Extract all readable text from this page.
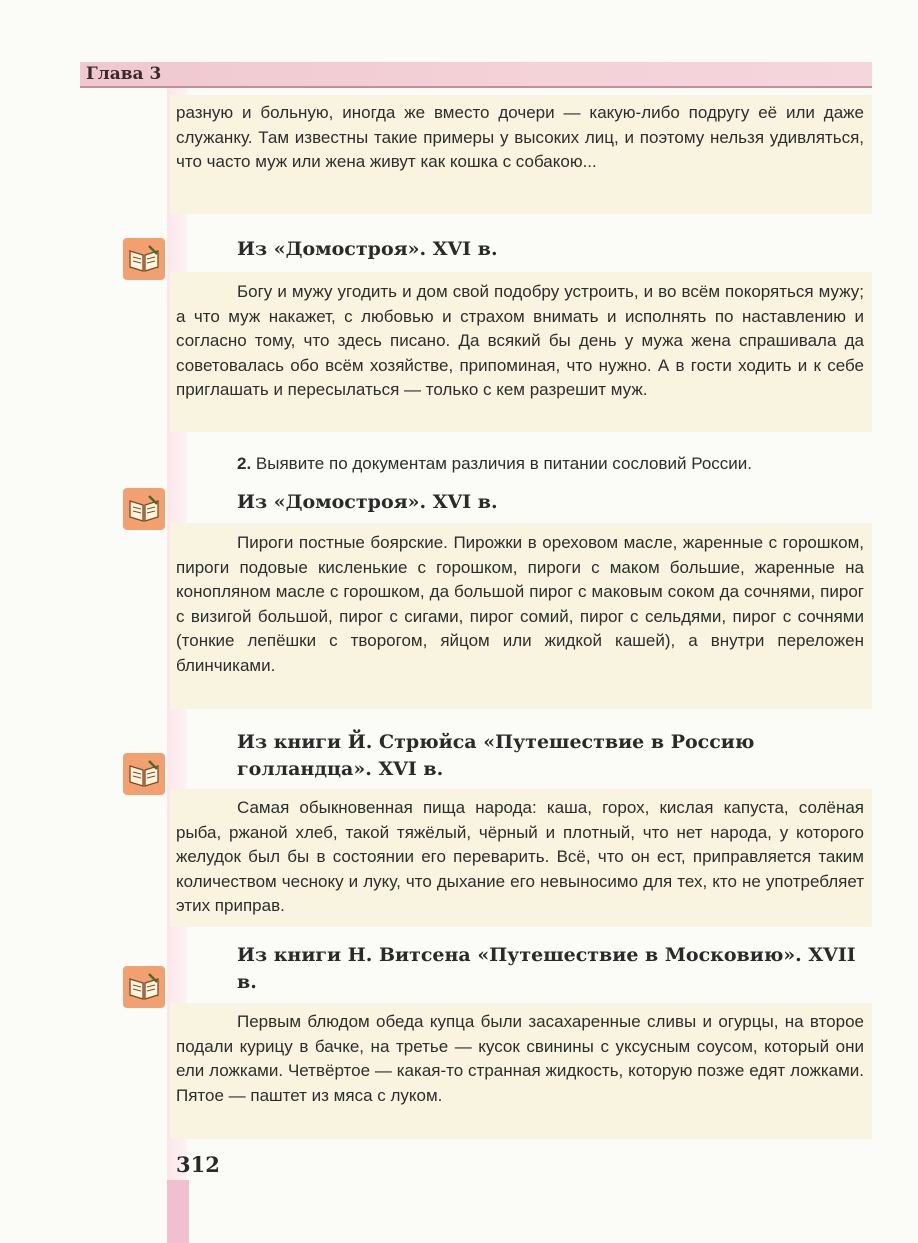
Глава 3

разную и больную, иногда же вместо дочери — какую-либо подругу её или даже служанку. Там известны такие примеры у высоких лиц, и поэтому нельзя удивляться, что часто муж или жена живут как кошка с собакою...

Из «Домостроя». XVI в.

Богу и мужу угодить и дом свой подобру устроить, и во всём покоряться мужу; а что муж накажет, с любовью и страхом внимать и исполнять по наставлению и согласно тому, что здесь писано. Да всякий бы день у мужа жена спрашивала да советовалась обо всём хозяйстве, припоминая, что нужно. А в гости ходить и к себе приглашать и пересылаться — только с кем разрешит муж.

2. Выявите по документам различия в питании сословий России.
Из «Домостроя». XVI в.

Пироги постные боярские. Пирожки в ореховом масле, жаренные с горошком, пироги подовые кисленькие с горошком, пироги с маком большие, жаренные на конопляном масле с горошком, да большой пирог с маковым соком да сочнями, пирог с визигой большой, пирог с сигами, пирог сомий, пирог с сельдями, пирог с сочнями (тонкие лепёшки с творогом, яйцом или жидкой кашей), а внутри переложен блинчиками.

Из книги Й. Стрюйса «Путешествие в Россию голландца». XVI в.

Самая обыкновенная пища народа: каша, горох, кислая капуста, солёная рыба, ржаной хлеб, такой тяжёлый, чёрный и плотный, что нет народа, у которого желудок был бы в состоянии его переварить. Всё, что он ест, приправляется таким количеством чесноку и луку, что дыхание его невыносимо для тех, кто не употребляет этих приправ.

Из книги Н. Витсена «Путешествие в Московию». XVII в.

Первым блюдом обеда купца были засахаренные сливы и огурцы, на второе подали курицу в бачке, на третье — кусок свинины с уксусным соусом, который они ели ложками. Четвёртое — какая-то странная жидкость, которую позже едят ложками. Пятое — паштет из мяса с луком.

312
